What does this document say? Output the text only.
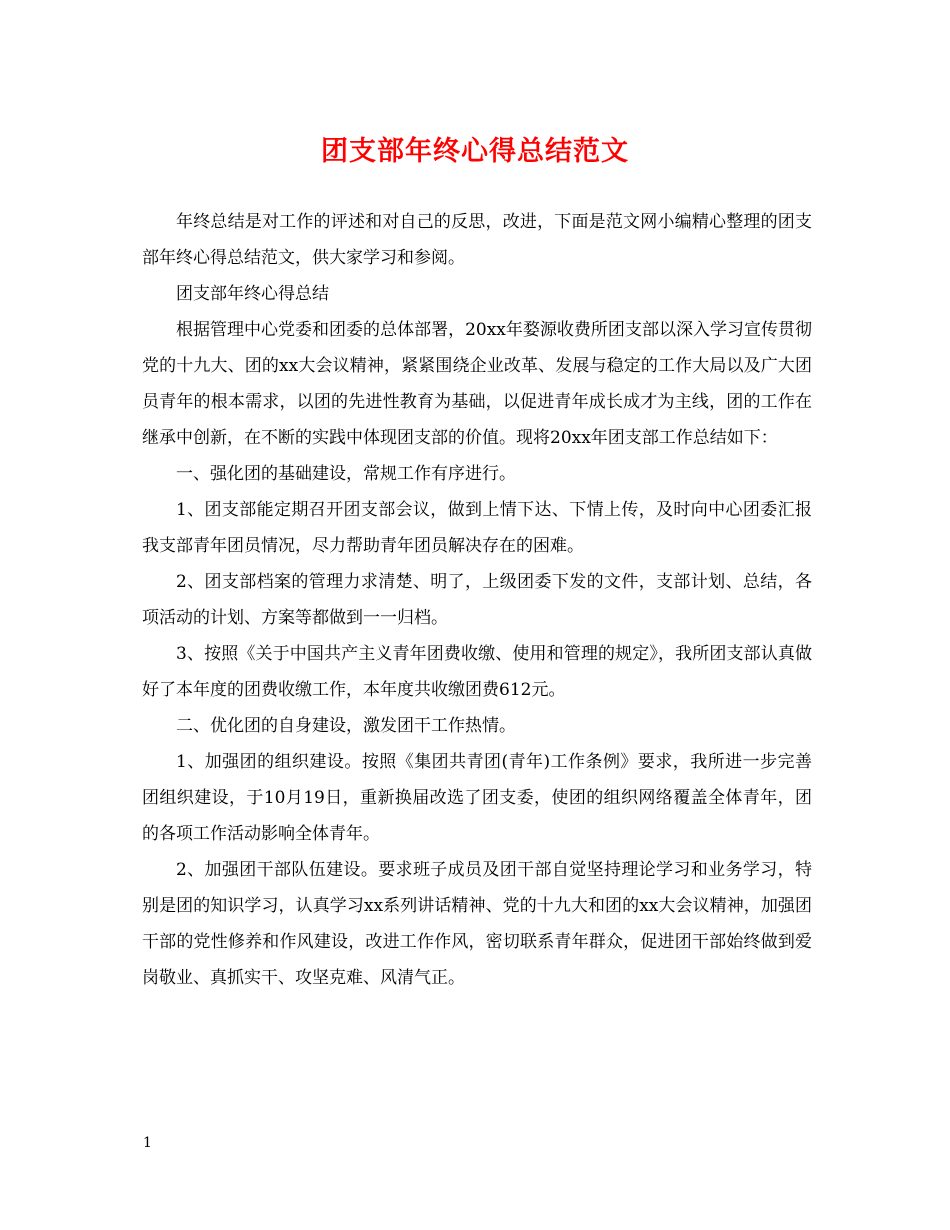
团支部年终心得总结范文

年终总结是对工作的评述和对自己的反思，改进，下面是范文网小编精心整理的团支部年终心得总结范文，供大家学习和参阅。

团支部年终心得总结

根据管理中心党委和团委的总体部署，20xx年婺源收费所团支部以深入学习宣传贯彻党的十九大、团的xx大会议精神，紧紧围绕企业改革、发展与稳定的工作大局以及广大团员青年的根本需求，以团的先进性教育为基础，以促进青年成长成才为主线，团的工作在继承中创新，在不断的实践中体现团支部的价值。现将20xx年团支部工作总结如下：

一、强化团的基础建设，常规工作有序进行。

1、团支部能定期召开团支部会议，做到上情下达、下情上传，及时向中心团委汇报我支部青年团员情况，尽力帮助青年团员解决存在的困难。

2、团支部档案的管理力求清楚、明了，上级团委下发的文件，支部计划、总结，各项活动的计划、方案等都做到一一归档。

3、按照《关于中国共产主义青年团费收缴、使用和管理的规定》，我所团支部认真做好了本年度的团费收缴工作，本年度共收缴团费612元。

二、优化团的自身建设，激发团干工作热情。

1、加强团的组织建设。按照《集团共青团(青年)工作条例》要求，我所进一步完善团组织建设，于10月19日，重新换届改选了团支委，使团的组织网络覆盖全体青年，团的各项工作活动影响全体青年。

2、加强团干部队伍建设。要求班子成员及团干部自觉坚持理论学习和业务学习，特别是团的知识学习，认真学习xx系列讲话精神、党的十九大和团的xx大会议精神，加强团干部的党性修养和作风建设，改进工作作风，密切联系青年群众，促进团干部始终做到爱岗敬业、真抓实干、攻坚克难、风清气正。

1
